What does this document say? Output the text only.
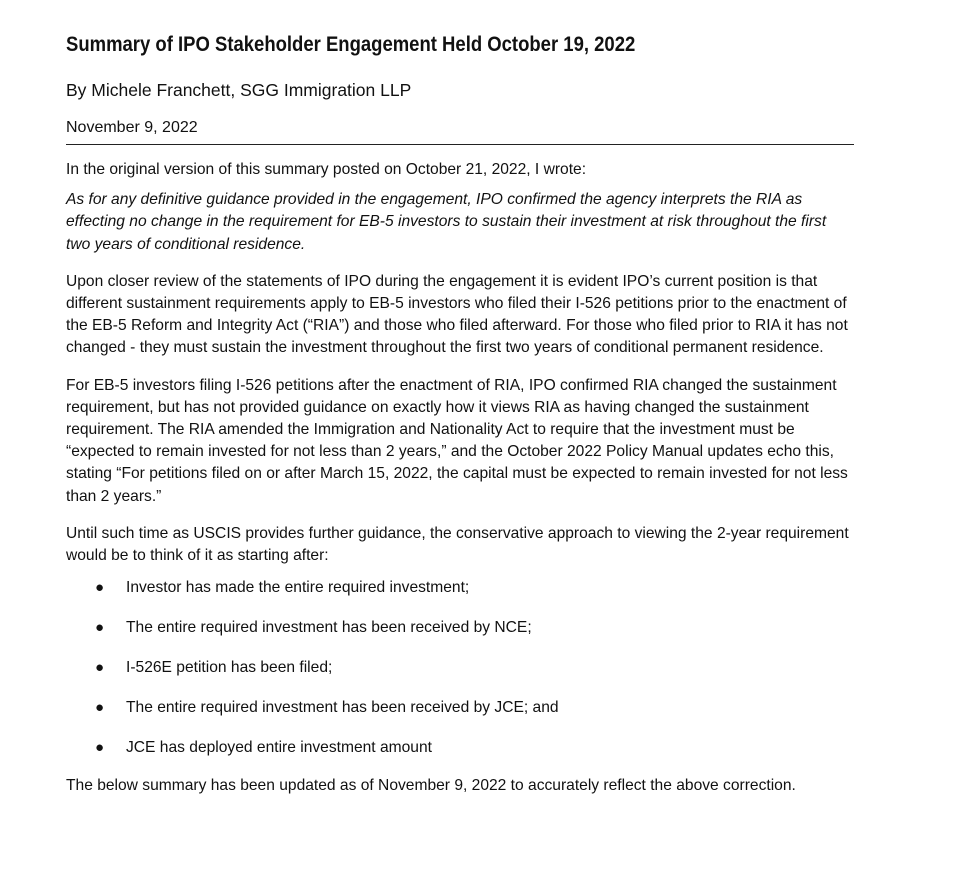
Summary of IPO Stakeholder Engagement Held October 19, 2022
By Michele Franchett, SGG Immigration LLP
November 9, 2022

In the original version of this summary posted on October 21, 2022, I wrote:

As for any definitive guidance provided in the engagement, IPO confirmed the agency interprets the RIA as effecting no change in the requirement for EB-5 investors to sustain their investment at risk throughout the first two years of conditional residence.

Upon closer review of the statements of IPO during the engagement it is evident IPO’s current position is that different sustainment requirements apply to EB-5 investors who filed their I-526 petitions prior to the enactment of the EB-5 Reform and Integrity Act (“RIA”) and those who filed afterward. For those who filed prior to RIA it has not changed - they must sustain the investment throughout the first two years of conditional permanent residence.

For EB-5 investors filing I-526 petitions after the enactment of RIA, IPO confirmed RIA changed the sustainment requirement, but has not provided guidance on exactly how it views RIA as having changed the sustainment requirement. The RIA amended the Immigration and Nationality Act to require that the investment must be “expected to remain invested for not less than 2 years,” and the October 2022 Policy Manual updates echo this, stating “For petitions filed on or after March 15, 2022, the capital must be expected to remain invested for not less than 2 years.”

Until such time as USCIS provides further guidance, the conservative approach to viewing the 2-year requirement would be to think of it as starting after:

● Investor has made the entire required investment;
● The entire required investment has been received by NCE;
● I-526E petition has been filed;
● The entire required investment has been received by JCE; and
● JCE has deployed entire investment amount

The below summary has been updated as of November 9, 2022 to accurately reflect the above correction.
